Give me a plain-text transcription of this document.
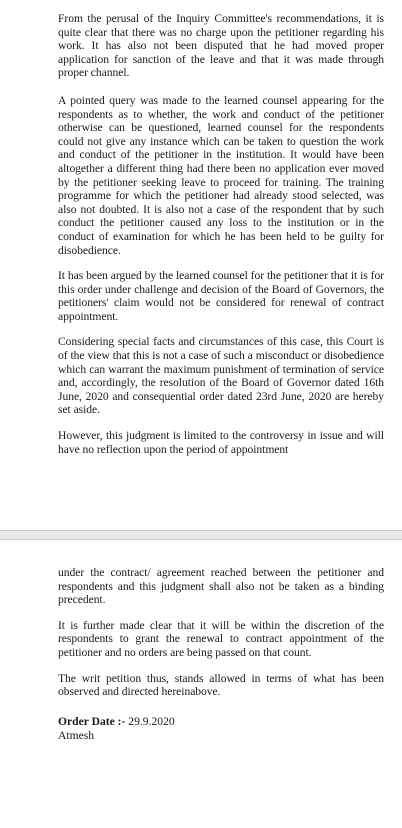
From the perusal of the Inquiry Committee's recommendations, it is quite clear that there was no charge upon the petitioner regarding his work. It has also not been disputed that he had moved proper application for sanction of the leave and that it was made through proper channel.

A pointed query was made to the learned counsel appearing for the respondents as to whether, the work and conduct of the petitioner otherwise can be questioned, learned counsel for the respondents could not give any instance which can be taken to question the work and conduct of the petitioner in the institution. It would have been altogether a different thing had there been no application ever moved by the petitioner seeking leave to proceed for training. The training programme for which the petitioner had already stood selected, was also not doubted. It is also not a case of the respondent that by such conduct the petitioner caused any loss to the institution or in the conduct of examination for which he has been held to be guilty for disobedience.

It has been argued by the learned counsel for the petitioner that it is for this order under challenge and decision of the Board of Governors, the petitioners' claim would not be considered for renewal of contract appointment.

Considering special facts and circumstances of this case, this Court is of the view that this is not a case of such a misconduct or disobedience which can warrant the maximum punishment of termination of service and, accordingly, the resolution of the Board of Governor dated 16th June, 2020 and consequential order dated 23rd June, 2020 are hereby set aside.

However, this judgment is limited to the controversy in issue and will have no reflection upon the period of appointment

under the contract/ agreement reached between the petitioner and respondents and this judgment shall also not be taken as a binding precedent.

It is further made clear that it will be within the discretion of the respondents to grant the renewal to contract appointment of the petitioner and no orders are being passed on that count.

The writ petition thus, stands allowed in terms of what has been observed and directed hereinabove.

Order Date :- 29.9.2020

Atmesh
